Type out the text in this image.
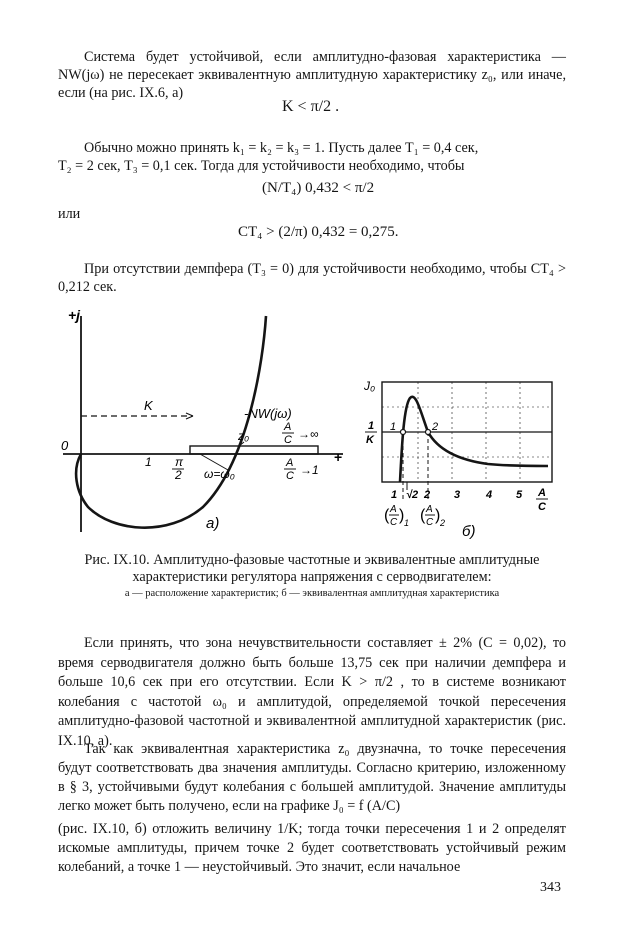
Система будет устойчивой, если амплитудно-фазовая характеристика —NW(jω) не пересекает эквивалентную амплитудную характеристику z₀, или иначе, если (на рис. IX.6, a)

K < π/2 .

Обычно можно принять k₁ = k₂ = k₃ = 1. Пусть далее T₁ = 0,4 сек,

T₂ = 2 сек, T₃ = 0,1 сек. Тогда для устойчивости необходимо, чтобы

(N/T₄) 0,432 < π/2

или

CT₄ > (2/π) 0,432 = 0,275.

При отсутствии демпфера (T₃ = 0) для устойчивости необходимо, чтобы CT₄ > 0,212 сек.

+j
0
K
-NW(jω)
z₀
A
C →∞
ω=ω₀
A
C →1
π
2
1	+
а)
J₀
1
K
1	2
1 √2 2 3 4 5 A
C
( A
C ) 1 ( A
C ) 2 б)

Рис. IX.10. Амплитудно-фазовые частотные и эквивалентные амплитудные характеристики регулятора напряжения с серводвигателем:

а — расположение характеристик; б — эквивалентная амплитудная характеристика

Если принять, что зона нечувствительности составляет ± 2% (C = 0,02), то время серводвигателя должно быть больше 13,75 сек при наличии демпфера и больше 10,6 сек при его отсутствии. Если K > π/2 , то в системе возникают колебания с частотой ω₀ и амплитудой, определяемой точкой пересечения амплитудно-фазовой частотной и эквивалентной амплитудной характеристик (рис. IX.10, a).

Так как эквивалентная характеристика z₀ двузначна, то точке пересечения будут соответствовать два значения амплитуды. Согласно критерию, изложенному в § 3, устойчивыми будут колебания с большей амплитудой. Значение амплитуды легко может быть получено, если на графике J₀ = f (A/C)

(рис. IX.10, б) отложить величину 1/K; тогда точки пересечения 1 и 2 определят искомые амплитуды, причем точке 2 будет соответствовать устойчивый режим колебаний, а точке 1 — неустойчивый. Это значит, если начальное

343
